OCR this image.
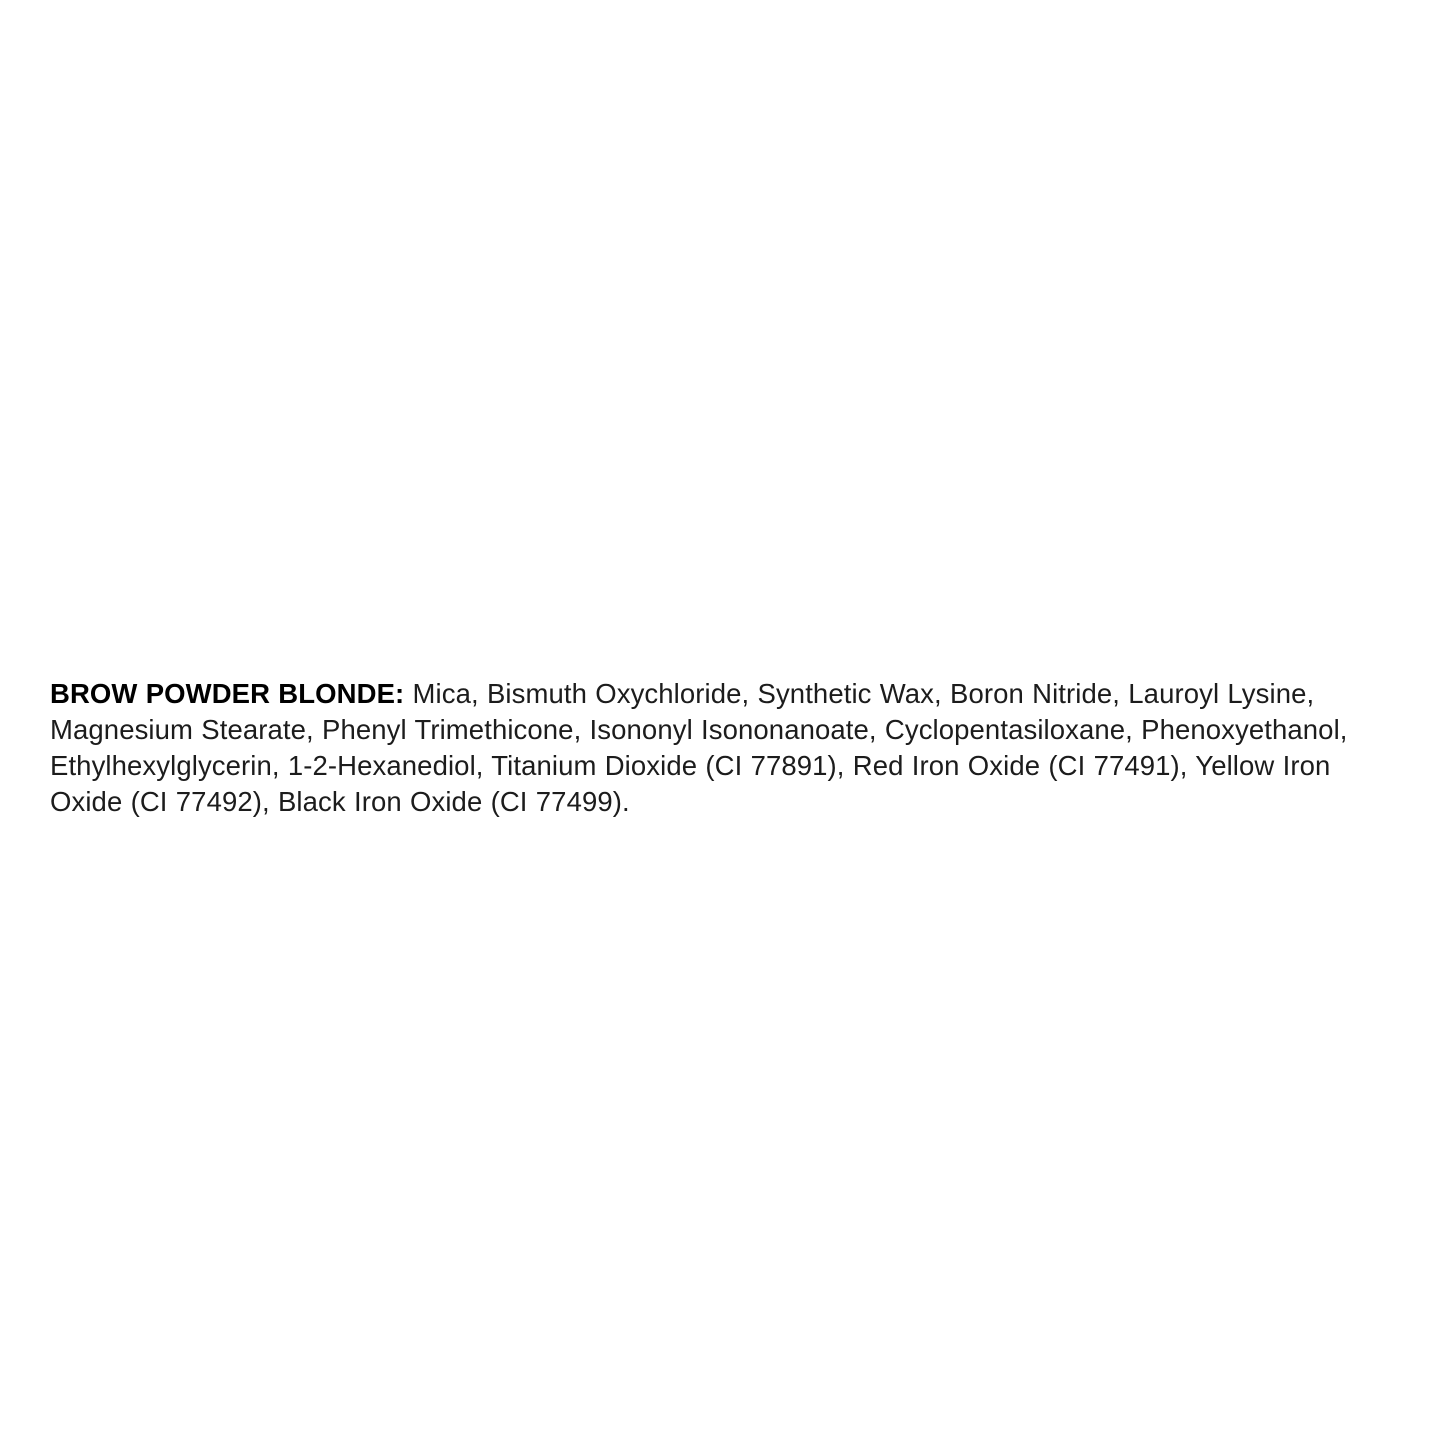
BROW POWDER BLONDE: Mica, Bismuth Oxychloride, Synthetic Wax, Boron Nitride, Lauroyl Lysine, Magnesium Stearate, Phenyl Trimethicone, Isononyl Isononanoate, Cyclopentasiloxane, Phenoxyethanol, Ethylhexylglycerin, 1-2-Hexanediol, Titanium Dioxide (CI 77891), Red Iron Oxide (CI 77491), Yellow Iron Oxide (CI 77492), Black Iron Oxide (CI 77499).
